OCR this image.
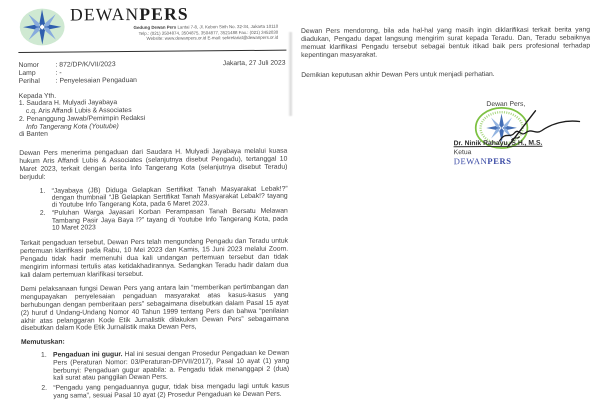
DEWANPERS
Gedung Dewan Pers Lantai 7-8, Jl. Kebon Sirih No. 32-34, Jakarta 10110
Telp.: (021) 3504874, 3504875, 3504877, 3521488 Fax.: (021) 3452030
Website: www.dewanpers.or.id E-mail: sekretariat@dewanpers.or.id
Nomor	: 872/DP/K/VII/2023
Lamp	: -
Perihal	: Penyelesaian Pengaduan
Jakarta, 27 Juli 2023
Kepada Yth.
1. Saudara H. Mulyadi Jayabaya
c.q. Aris Affandi Lubis & Associates
2. Penanggung Jawab/Pemimpin Redaksi
Info Tangerang Kota (Youtube)
di Banten

Dewan Pers menerima pengaduan dari Saudara H. Mulyadi Jayabaya melalui kuasa hukum Aris Affandi Lubis & Associates (selanjutnya disebut Pengadu), tertanggal 10 Maret 2023, terkait dengan berita Info Tangerang Kota (selanjutnya disebut Teradu) berjudul:

1. “Jayabaya (JB) Diduga Gelapkan Sertifikat Tanah Masyarakat Lebak!?” dengan thumbnail “JB Gelapkan Sertifikat Tanah Masyarakat Lebak!? tayang di Youtube Info Tangerang Kota, pada 6 Maret 2023.
2. “Puluhan Warga Jayasari Korban Perampasan Tanah Bersatu Melawan Tambang Pasir Jaya Baya !?” tayang di Youtube Info Tangerang Kota, pada 10 Maret 2023

Terkait pengaduan tersebut, Dewan Pers telah mengundang Pengadu dan Teradu untuk pertemuan klarifikasi pada Rabu, 10 Mei 2023 dan Kamis, 15 Juni 2023 melalui Zoom. Pengadu tidak hadir memenuhi dua kali undangan pertemuan tersebut dan tidak mengirim informasi tertulis atas ketidakhadirannya. Sedangkan Teradu hadir dalam dua kali dalam pertemuan klarifikasi tersebut.

Demi pelaksanaan fungsi Dewan Pers yang antara lain “memberikan pertimbangan dan mengupayakan penyelesaian pengaduan masyarakat atas kasus-kasus yang berhubungan dengan pemberitaan pers” sebagaimana disebutkan dalam Pasal 15 ayat (2) huruf d Undang-Undang Nomor 40 Tahun 1999 tentang Pers dan bahwa “penilaian akhir atas pelanggaran Kode Etik Jurnalistik dilakukan Dewan Pers” sebagaimana disebutkan dalam Kode Etik Jurnalistik maka Dewan Pers,

Memutuskan:
1. Pengaduan ini gugur. Hal ini sesuai dengan Prosedur Pengaduan ke Dewan Pers (Peraturan Nomor: 03/Peraturan-DP/VII/2017), Pasal 10 ayat (1) yang berbunyi: Pengaduan gugur apabila: a. Pengadu tidak menanggapi 2 (dua) kali surat atau panggilan Dewan Pers.
2. “Pengadu yang pengaduannya gugur, tidak bisa mengadu lagi untuk kasus yang sama”, sesuai Pasal 10 ayat (2) Prosedur Pengaduan ke Dewan Pers.

Dewan Pers mendorong, bila ada hal-hal yang masih ingin diklarifikasi terkait berita yang diadukan, Pengadu dapat langsung mengirim surat kepada Teradu. Dan, Teradu sebaiknya memuat klarifikasi Pengadu tersebut sebagai bentuk itikad baik pers profesional terhadap kepentingan masyarakat.

Demikian keputusan akhir Dewan Pers untuk menjadi perhatian.

Dewan Pers,
Dr. Ninik Rahayu, S.H., M.S.
Ketua
DEWANPERS
